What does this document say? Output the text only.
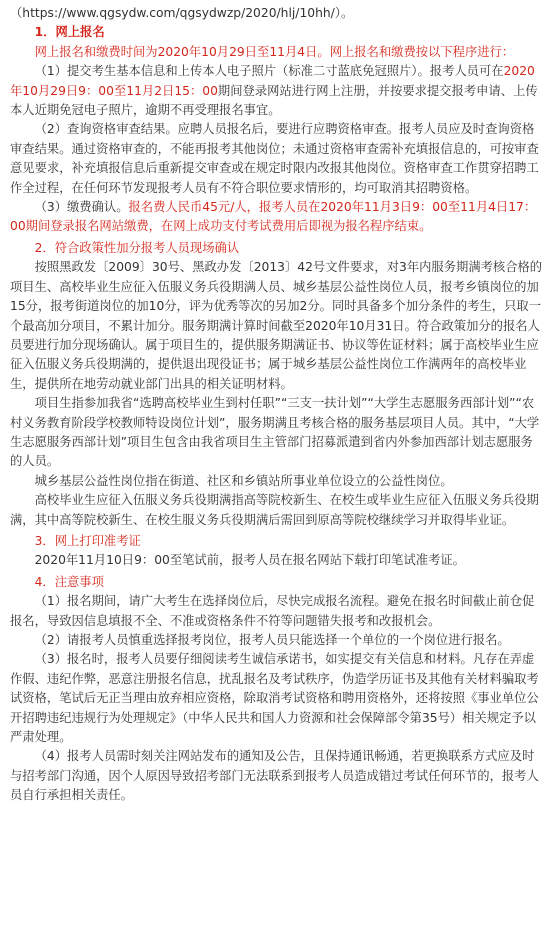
（https://www.qgsydw.com/qgsydwzp/2020/hlj/10hh/）。

1．网上报名

网上报名和缴费时间为2020年10月29日至11月4日。网上报名和缴费按以下程序进行：

（1）提交考生基本信息和上传本人电子照片（标准二寸蓝底免冠照片）。报考人员可在2020年10月29日9：00至11月2日15：00期间登录网站进行网上注册，并按要求提交报考申请、上传本人近期免冠电子照片，逾期不再受理报名事宜。

（2）查询资格审查结果。应聘人员报名后，要进行应聘资格审查。报考人员应及时查询资格审查结果。通过资格审查的，不能再报考其他岗位；未通过资格审查需补充填报信息的，可按审查意见要求，补充填报信息后重新提交审查或在规定时限内改报其他岗位。资格审查工作贯穿招聘工作全过程，在任何环节发现报考人员有不符合职位要求情形的，均可取消其招聘资格。

（3）缴费确认。报名费人民币45元/人，报考人员在2020年11月3日9：00至11月4日17：00期间登录报名网站缴费，在网上成功支付考试费用后即视为报名程序结束。

2．符合政策性加分报考人员现场确认

按照黑政发〔2009〕30号、黑政办发〔2013〕42号文件要求，对3年内服务期满考核合格的项目生、高校毕业生应征入伍服义务兵役期满人员、城乡基层公益性岗位人员，报考乡镇岗位的加15分，报考街道岗位的加10分，评为优秀等次的另加2分。同时具备多个加分条件的考生，只取一个最高加分项目，不累计加分。服务期满计算时间截至2020年10月31日。符合政策加分的报名人员要进行加分现场确认。属于项目生的，提供服务期满证书、协议等佐证材料；属于高校毕业生应征入伍服义务兵役期满的，提供退出现役证书；属于城乡基层公益性岗位工作满两年的高校毕业生，提供所在地劳动就业部门出具的相关证明材料。

项目生指参加我省“选聘高校毕业生到村任职”“三支一扶计划”“大学生志愿服务西部计划”“农村义务教育阶段学校教师特设岗位计划”，服务期满且考核合格的服务基层项目人员。其中，“大学生志愿服务西部计划”项目生包含由我省项目生主管部门招募派遣到省内外参加西部计划志愿服务的人员。

城乡基层公益性岗位指在街道、社区和乡镇站所事业单位设立的公益性岗位。

高校毕业生应征入伍服义务兵役期满指高等院校新生、在校生或毕业生应征入伍服义务兵役期满，其中高等院校新生、在校生服义务兵役期满后需回到原高等院校继续学习并取得毕业证。

3．网上打印准考证

2020年11月10日9：00至笔试前，报考人员在报名网站下载打印笔试准考证。

4．注意事项

（1）报名期间，请广大考生在选择岗位后，尽快完成报名流程。避免在报名时间截止前仓促报名，导致因信息填报不全、不准或资格条件不符等问题错失报考和改报机会。

（2）请报考人员慎重选择报考岗位，报考人员只能选择一个单位的一个岗位进行报名。

（3）报名时，报考人员要仔细阅读考生诚信承诺书，如实提交有关信息和材料。凡存在弄虚作假、违纪作弊，恶意注册报名信息，扰乱报名及考试秩序，伪造学历证书及其他有关材料骗取考试资格，笔试后无正当理由放弃相应资格，除取消考试资格和聘用资格外，还将按照《事业单位公开招聘违纪违规行为处理规定》（中华人民共和国人力资源和社会保障部令第35号）相关规定予以严肃处理。

（4）报考人员需时刻关注网站发布的通知及公告，且保持通讯畅通，若更换联系方式应及时与招考部门沟通，因个人原因导致招考部门无法联系到报考人员造成错过考试任何环节的，报考人员自行承担相关责任。
